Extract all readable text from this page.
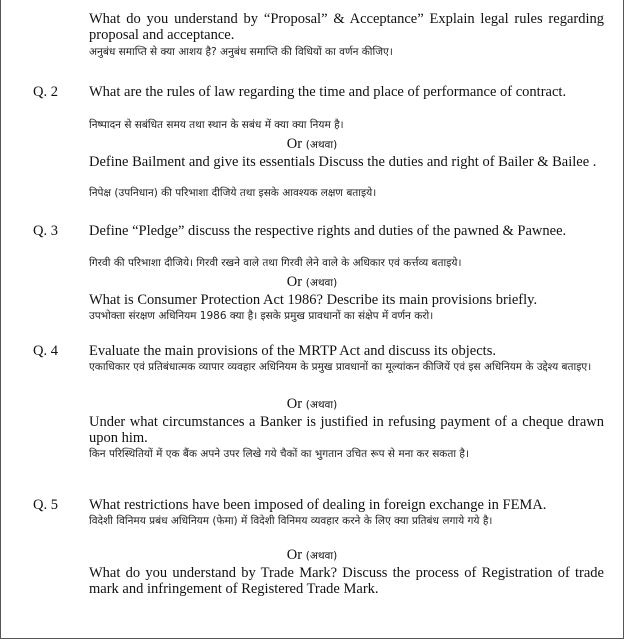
What do you understand by “Proposal” & Acceptance” Explain legal rules regarding proposal and acceptance.
अनुबंध समाप्ति से क्या आशय है? अनुबंध समाप्ति की विधियों का वर्णन कीजिए।
Q. 2 What are the rules of law regarding the time and place of performance of contract.
निष्पादन से सबंधित समय तथा स्थान के सबंध में क्या क्या नियम है।
Or (अथवा)
Define Bailment and give its essentials Discuss the duties and right of Bailer & Bailee .
निपेक्ष (उपनिधान) की परिभाशा दीजिये तथा इसके आवश्यक लक्षण बताइये।
Q. 3 Define “Pledge” discuss the respective rights and duties of the pawned & Pawnee.
गिरवी की परिभाशा दीजिये। गिरवी रखने वाले तथा गिरवी लेने वाले के अधिकार एवं कर्त्तव्य बताइये।
Or (अथवा)
What is Consumer Protection Act 1986? Describe its main provisions briefly.
उपभोक्ता संरक्षण अधिनियम 1986 क्या है। इसके प्रमुख प्रावधानों का संक्षेप में वर्णन करो।
Q. 4 Evaluate the main provisions of the MRTP Act and discuss its objects.
एकाधिकार एवं प्रतिबंधात्मक व्यापार व्यवहार अधिनियम के प्रमुख प्रावधानों का मूल्यांकन कीजियें एवं इस अधिनियम के उद्देश्य बताइए।
Or (अथवा)
Under what circumstances a Banker is justified in refusing payment of a cheque drawn upon him.
किन परिस्थितियों में एक बैंक अपने उपर लिखे गये चैकों का भुगतान उचित रूप से मना कर सकता है।
Q. 5 What restrictions have been imposed of dealing in foreign exchange in FEMA.
विदेशी विनिमय प्रबंध अधिनियम (फेमा) में विदेशी विनिमय व्यवहार करने के लिए क्या प्रतिबंध लगाये गये है।
Or (अथवा)
What do you understand by Trade Mark? Discuss the process of Registration of trade mark and infringement of Registered Trade Mark.
